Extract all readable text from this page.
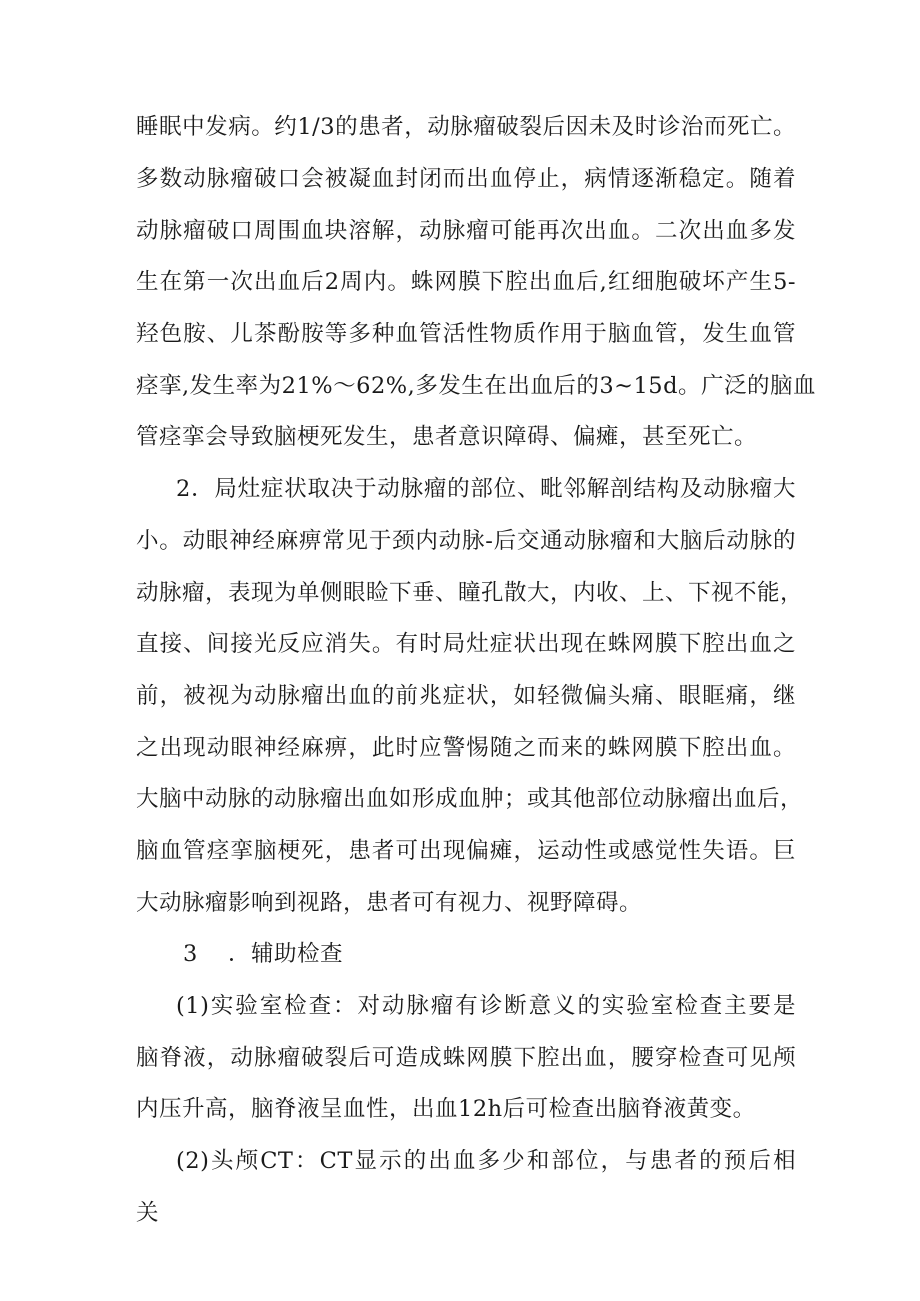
睡眠中发病。约1/3的患者，动脉瘤破裂后因未及时诊治而死亡。
多数动脉瘤破口会被凝血封闭而出血停止，病情逐渐稳定。随着
动脉瘤破口周围血块溶解，动脉瘤可能再次出血。二次出血多发
生在第一次出血后2周内。蛛网膜下腔出血后,红细胞破坏产生5-
羟色胺、儿茶酚胺等多种血管活性物质作用于脑血管，发生血管
痉挛,发生率为21%～62%,多发生在出血后的3~15d。广泛的脑血
管痉挛会导致脑梗死发生，患者意识障碍、偏瘫，甚至死亡。
2．局灶症状取决于动脉瘤的部位、毗邻解剖结构及动脉瘤大
小。动眼神经麻痹常见于颈内动脉-后交通动脉瘤和大脑后动脉的
动脉瘤，表现为单侧眼睑下垂、瞳孔散大，内收、上、下视不能，
直接、间接光反应消失。有时局灶症状出现在蛛网膜下腔出血之
前，被视为动脉瘤出血的前兆症状，如轻微偏头痛、眼眶痛，继
之出现动眼神经麻痹，此时应警惕随之而来的蛛网膜下腔出血。
大脑中动脉的动脉瘤出血如形成血肿；或其他部位动脉瘤出血后，
脑血管痉挛脑梗死，患者可出现偏瘫，运动性或感觉性失语。巨
大动脉瘤影响到视路，患者可有视力、视野障碍。
3 ．辅助检查
(1)实验室检查：对动脉瘤有诊断意义的实验室检查主要是
脑脊液，动脉瘤破裂后可造成蛛网膜下腔出血，腰穿检查可见颅
内压升高，脑脊液呈血性，出血12h后可检查出脑脊液黄变。
(2)头颅CT：CT显示的出血多少和部位，与患者的预后相
关
